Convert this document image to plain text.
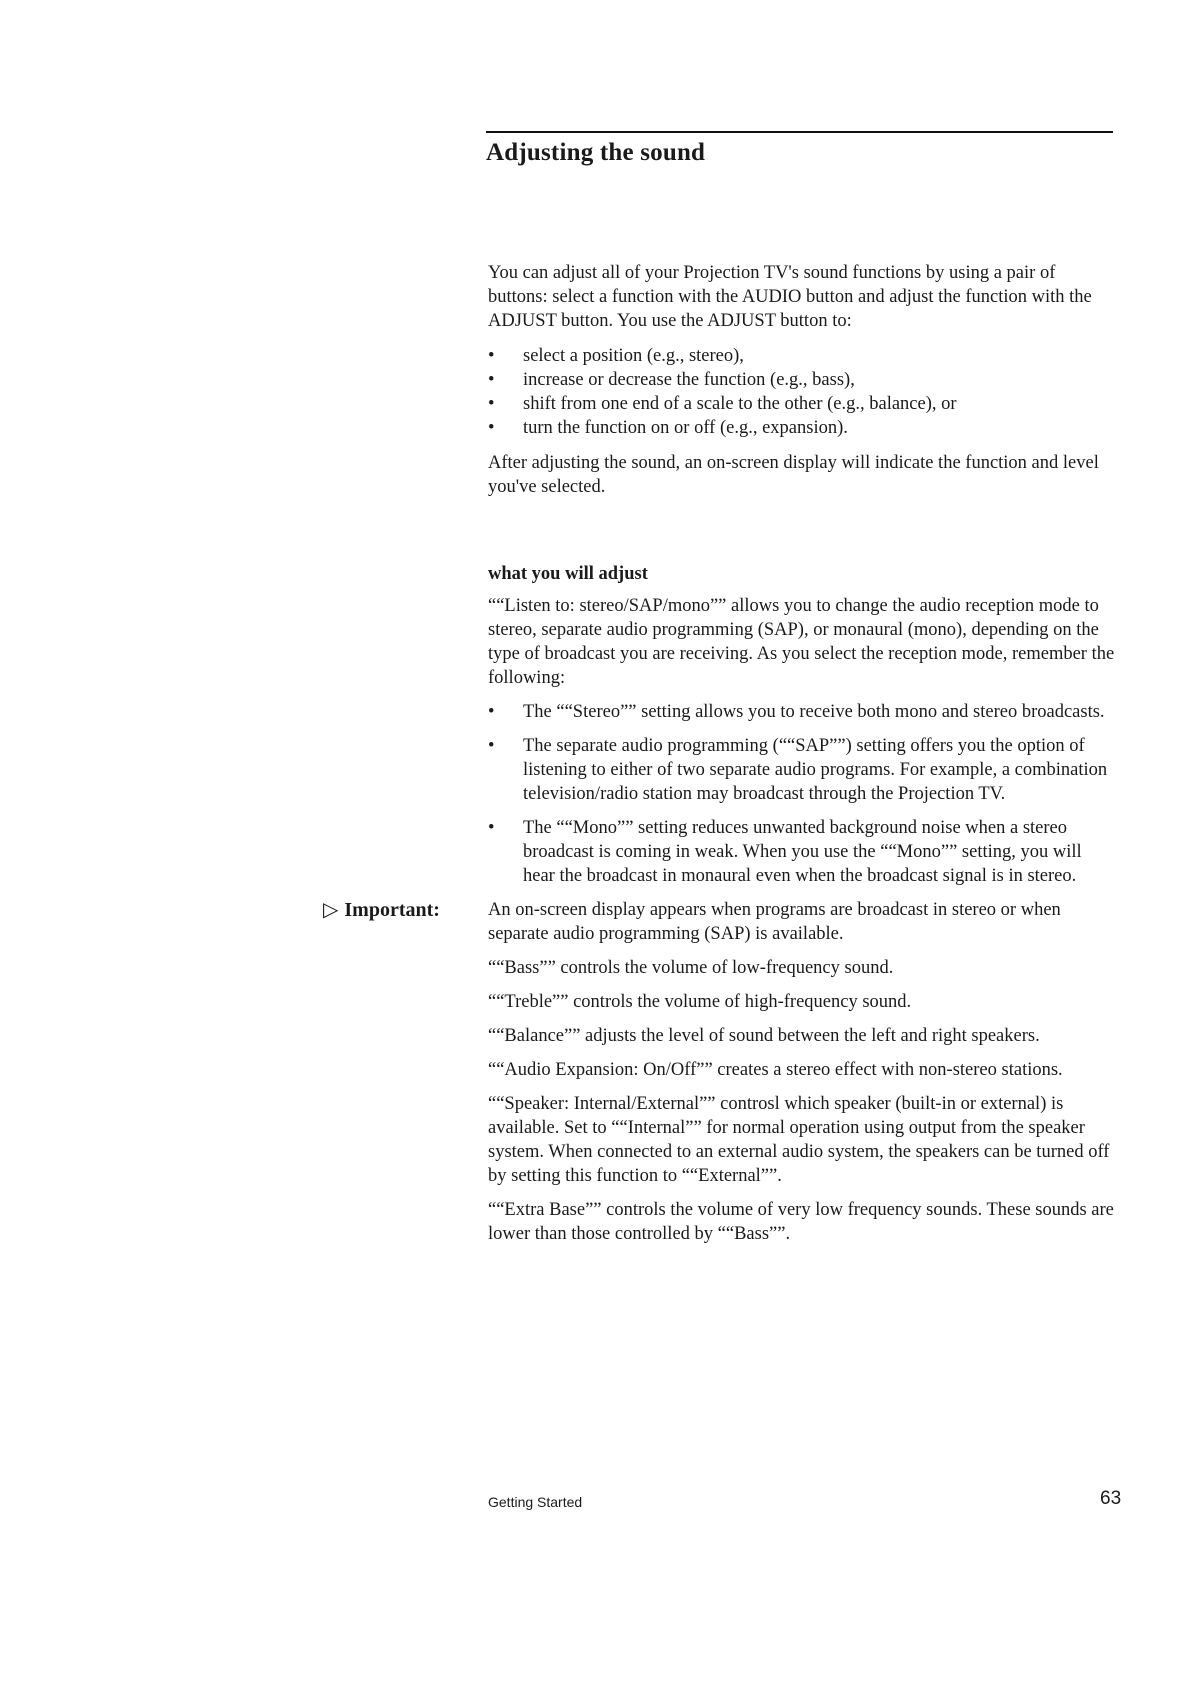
Adjusting the sound

You can adjust all of your Projection TV's sound functions by using a pair of buttons: select a function with the AUDIO button and adjust the function with the ADJUST button. You use the ADJUST button to:

• select a position (e.g., stereo),
• increase or decrease the function (e.g., bass),
• shift from one end of a scale to the other (e.g., balance), or
• turn the function on or off (e.g., expansion).

After adjusting the sound, an on-screen display will indicate the function and level you've selected.

what you will adjust

““Listen to: stereo/SAP/mono”” allows you to change the audio reception mode to stereo, separate audio programming (SAP), or monaural (mono), depending on the type of broadcast you are receiving. As you select the reception mode, remember the following:

• The ““Stereo”” setting allows you to receive both mono and stereo broadcasts.
• The separate audio programming (““SAP””) setting offers you the option of listening to either of two separate audio programs. For example, a combination television/radio station may broadcast through the Projection TV.
• The ““Mono”” setting reduces unwanted background noise when a stereo broadcast is coming in weak. When you use the ““Mono”” setting, you will hear the broadcast in monaural even when the broadcast signal is in stereo.
▷ Important:	An on-screen display appears when programs are broadcast in stereo or when separate audio programming (SAP) is available.

““Bass”” controls the volume of low-frequency sound.

““Treble”” controls the volume of high-frequency sound.

““Balance”” adjusts the level of sound between the left and right speakers.

““Audio Expansion: On/Off”” creates a stereo effect with non-stereo stations.

““Speaker: Internal/External”” controsl which speaker (built-in or external) is available. Set to ““Internal”” for normal operation using output from the speaker system. When connected to an external audio system, the speakers can be turned off by setting this function to ““External””.

““Extra Base”” controls the volume of very low frequency sounds. These sounds are lower than those controlled by ““Bass””.

Getting Started	63
